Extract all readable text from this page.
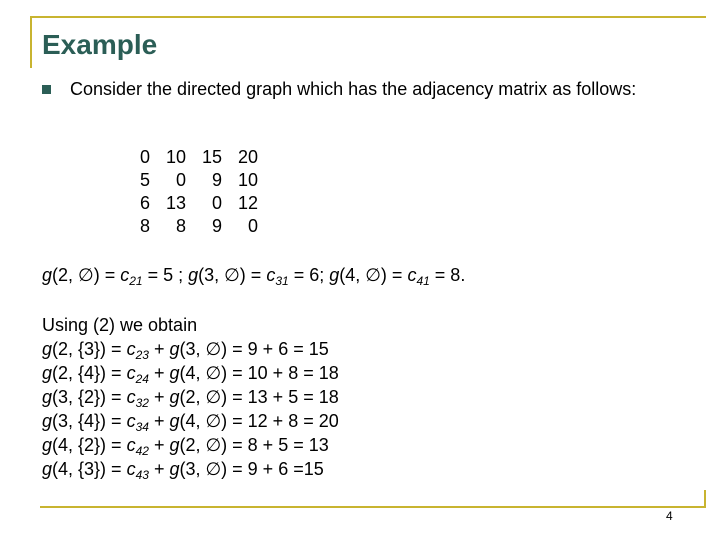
Example
Consider the directed graph which has the adjacency matrix as follows:
0	10	15	20
5	0	9	10
6	13	0	12
8	8	9	0
g(2, ∅) = $c_{21} = 5$ ; g(3, ∅) = $c_{31} = 6$; g(4, ∅) = $c_{41} = 8$.
Using (2) we obtain
g(2, $\{3\}) = c_{23} + g(3$, ∅) = 9 + 6 = 15
g(2, $\{4\}) = c_{24} + g(4$, ∅) = 10 + 8 = 18
g(3, $\{2\}) = c_{32} + g(2$, ∅) = 13 + 5 = 18
g(3, $\{4\}) = c_{34} + g(4$, ∅) = 12 + 8 = 20
g(4, $\{2\}) = c_{42} + g(2$, ∅) = 8 + 5 = 13
g(4, $\{3\}) = c_{43} + g(3$, ∅) = 9 + 6 =15
4
